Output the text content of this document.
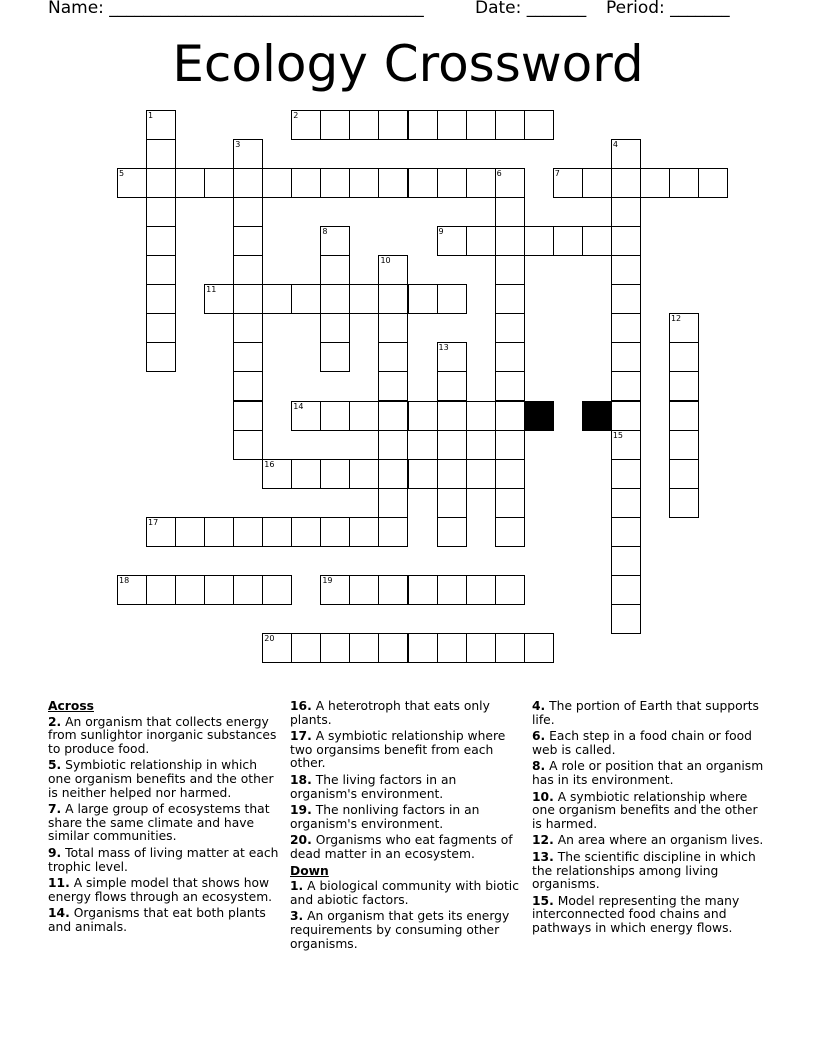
Name: _____________________________________	Date: _______ Period: _______
Ecology Crossword
1	2
3	4
5	6	7
8	9
10
11
12
13
14
15
16
17
18	19
20
Across
2. An organism that collects energy from sunlightor inorganic substances to produce food.
5. Symbiotic relationship in which one organism benefits and the other is neither helped nor harmed.
7. A large group of ecosystems that share the same climate and have similar communities.
9. Total mass of living matter at each trophic level.
11. A simple model that shows how energy flows through an ecosystem.
14. Organisms that eat both plants and animals.
16. A heterotroph that eats only plants.
17. A symbiotic relationship where two organsims benefit from each other.
18. The living factors in an organism's environment.
19. The nonliving factors in an organism's environment.
20. Organisms who eat fagments of dead matter in an ecosystem.
Down
1. A biological community with biotic and abiotic factors.
3. An organism that gets its energy requirements by consuming other organisms.
4. The portion of Earth that supports life.
6. Each step in a food chain or food web is called.
8. A role or position that an organism has in its environment.
10. A symbiotic relationship where one organism benefits and the other is harmed.
12. An area where an organism lives.
13. The scientific discipline in which the relationships among living organisms.
15. Model representing the many interconnected food chains and pathways in which energy flows.
